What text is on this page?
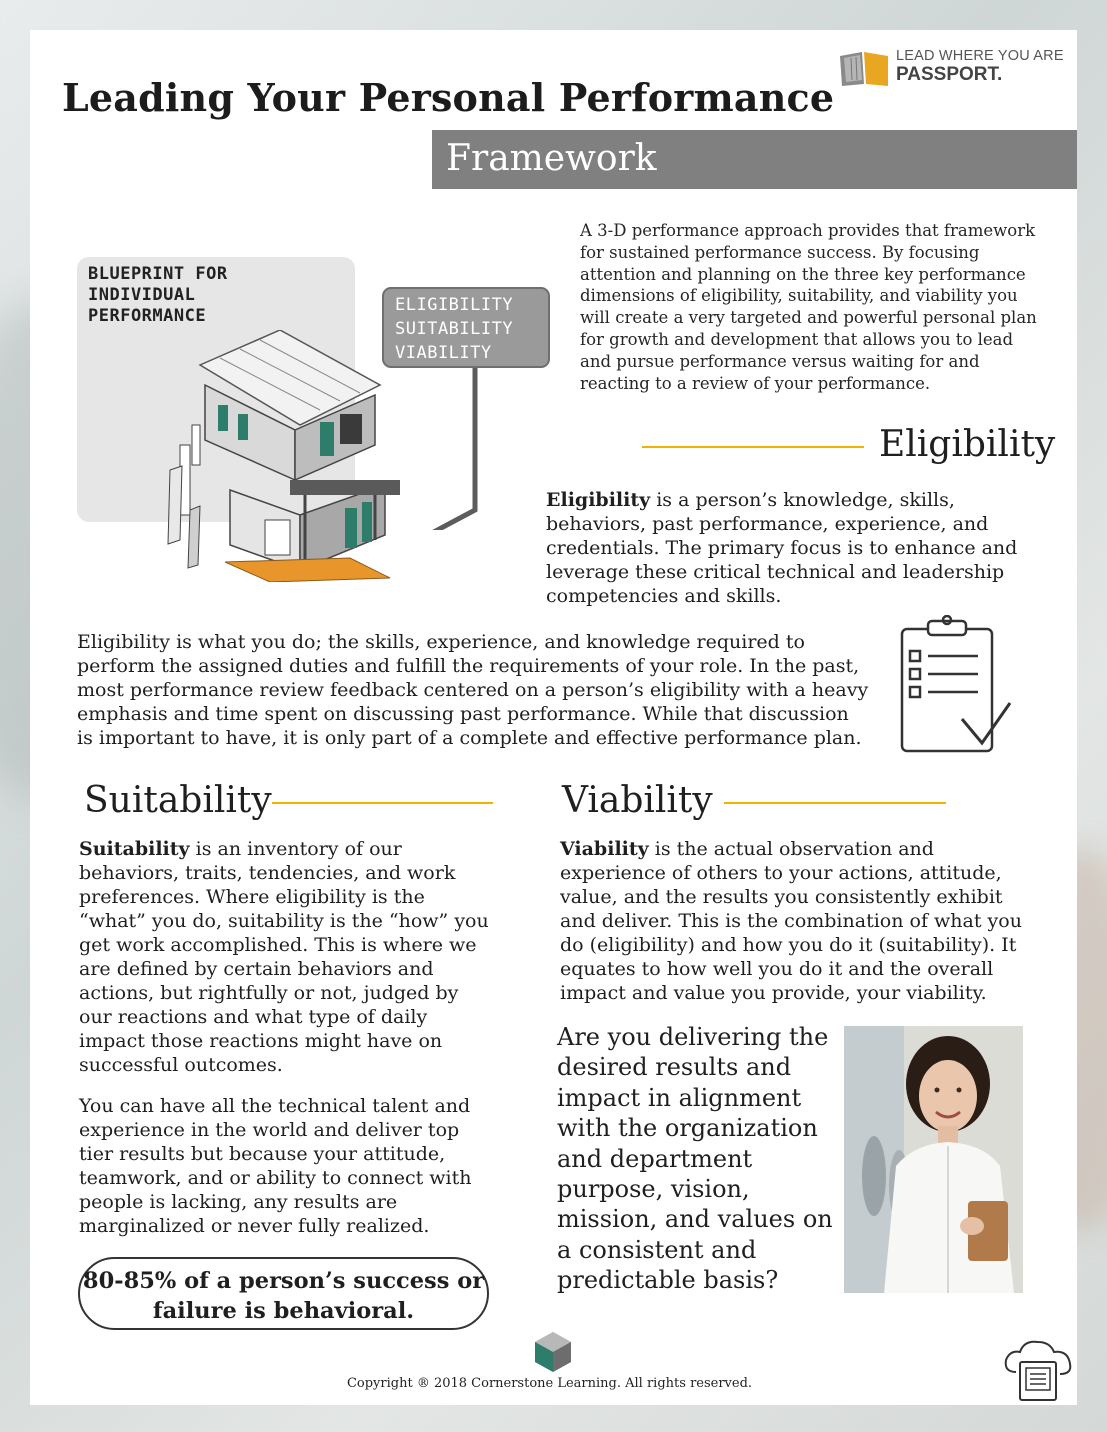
Leading Your Personal Performance
LEAD WHERE YOU ARE
PASSPORT.
Framework
BLUEPRINT FOR
INDIVIDUAL
PERFORMANCE
ELIGIBILITY
SUITABILITY
VIABILITY
A 3-D performance approach provides that framework
for sustained performance success. By focusing
attention and planning on the three key performance
dimensions of eligibility, suitability, and viability you
will create a very targeted and powerful personal plan
for growth and development that allows you to lead
and pursue performance versus waiting for and
reacting to a review of your performance.
Eligibility
Eligibility is a person’s knowledge, skills,
behaviors, past performance, experience, and
credentials. The primary focus is to enhance and
leverage these critical technical and leadership
competencies and skills.
Eligibility is what you do; the skills, experience, and knowledge required to
perform the assigned duties and fulfill the requirements of your role. In the past,
most performance review feedback centered on a person’s eligibility with a heavy
emphasis and time spent on discussing past performance. While that discussion
is important to have, it is only part of a complete and effective performance plan.
Suitability
Suitability is an inventory of our
behaviors, traits, tendencies, and work
preferences. Where eligibility is the
“what” you do, suitability is the “how” you
get work accomplished. This is where we
are defined by certain behaviors and
actions, but rightfully or not, judged by
our reactions and what type of daily
impact those reactions might have on
successful outcomes.
You can have all the technical talent and
experience in the world and deliver top
tier results but because your attitude,
teamwork, and or ability to connect with
people is lacking, any results are
marginalized or never fully realized.
80-85% of a person’s success or
failure is behavioral.
Viability
Viability is the actual observation and
experience of others to your actions, attitude,
value, and the results you consistently exhibit
and deliver. This is the combination of what you
do (eligibility) and how you do it (suitability). It
equates to how well you do it and the overall
impact and value you provide, your viability.
Are you delivering the
desired results and
impact in alignment
with the organization
and department
purpose, vision,
mission, and values on
a consistent and
predictable basis?
Copyright ® 2018 Cornerstone Learning. All rights reserved.
